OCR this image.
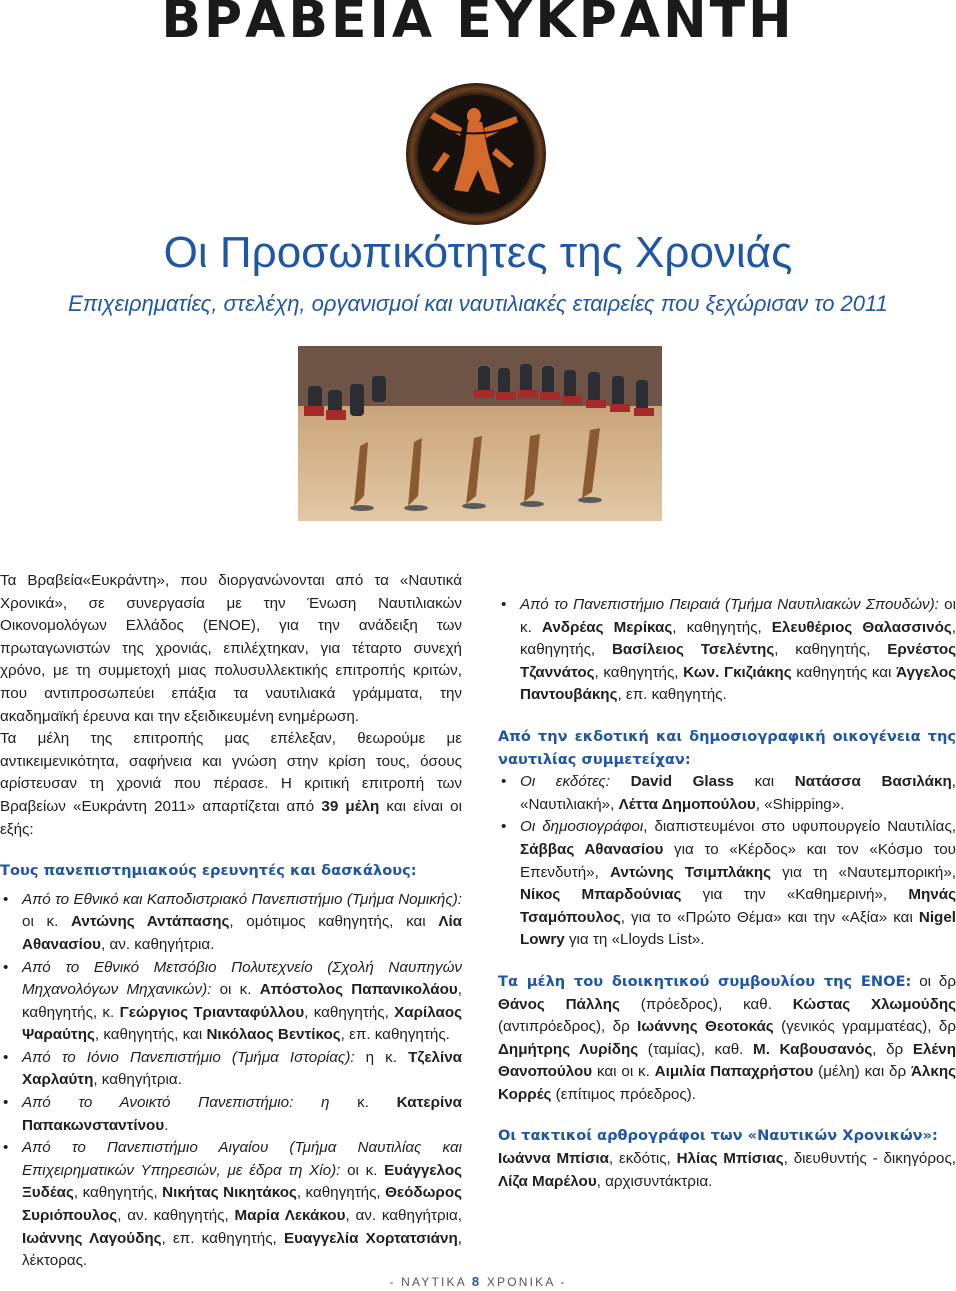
ΒΡΑΒΕΙΑ ΕΥΚΡΑΝΤΗ
Οι Προσωπικότητες της Χρονιάς
Επιχειρηματίες, στελέχη, οργανισμοί και ναυτιλιακές εταιρείες που ξεχώρισαν το 2011

Τα Βραβεία«Ευκράντη», που διοργανώνονται από τα «Ναυτικά Χρονικά», σε συνεργασία με την Ένωση Ναυτιλιακών Οικονομολόγων Ελλάδος (ΕΝΟΕ), για την ανάδειξη των πρωταγωνιστών της χρονιάς, επιλέχτηκαν, για τέταρτο συνεχή χρόνο, με τη συμμετοχή μιας πολυσυλλεκτικής επιτροπής κριτών, που αντιπροσωπεύει επάξια τα ναυτιλιακά γράμματα, την ακαδημαϊκή έρευνα και την εξειδικευμένη ενημέρωση.

Τα μέλη της επιτροπής μας επέλεξαν, θεωρούμε με αντικειμενικότητα, σαφήνεια και γνώση στην κρίση τους, όσους αρίστευσαν τη χρονιά που πέρασε. Η κριτική επιτροπή των Βραβείων «Ευκράντη 2011» απαρτίζεται από 39 μέλη και είναι οι εξής:

Τους πανεπιστημιακούς ερευνητές και δασκάλους:

• Από το Εθνικό και Καποδιστριακό Πανεπιστήμιο (Τμήμα Νομικής): οι κ. Αντώνης Αντάπασης, ομότιμος καθηγητής, και Λία Αθανασίου, αν. καθηγήτρια.
• Από το Εθνικό Μετσόβιο Πολυτεχνείο (Σχολή Ναυπηγών Μηχανολόγων Μηχανικών): οι κ. Απόστολος Παπανικολάου, καθηγητής, κ. Γεώργιος Τριανταφύλλου, καθηγητής, Χαρίλαος Ψαραύτης, καθηγητής, και Νικόλαος Βεντίκος, επ. καθηγητής.
• Από το Ιόνιο Πανεπιστήμιο (Τμήμα Ιστορίας): η κ. Τζελίνα Χαρλαύτη, καθηγήτρια.
• Από το Ανοικτό Πανεπιστήμιο: η κ. Κατερίνα Παπακωνσταντίνου.
• Από το Πανεπιστήμιο Αιγαίου (Τμήμα Ναυτιλίας και Επιχειρηματικών Υπηρεσιών, με έδρα τη Χίο): οι κ. Ευάγγελος Ξυδέας, καθηγητής, Νικήτας Νικητάκος, καθηγητής, Θεόδωρος Συριόπουλος, αν. καθηγητής, Μαρία Λεκάκου, αν. καθηγήτρια, Ιωάννης Λαγούδης, επ. καθηγητής, Ευαγγελία Χορτατσιάνη, λέκτορας.
• Από το Πανεπιστήμιο Πειραιά (Τμήμα Ναυτιλιακών Σπουδών): οι κ. Ανδρέας Μερίκας, καθηγητής, Ελευθέριος Θαλασσινός, καθηγητής, Βασίλειος Τσελέντης, καθηγητής, Ερνέστος Τζαννάτος, καθηγητής, Κων. Γκιζιάκης καθηγητής και Άγγελος Παντουβάκης, επ. καθηγητής.

Από την εκδοτική και δημοσιογραφική οικογένεια της ναυτιλίας συμμετείχαν:

• Οι εκδότες: David Glass και Νατάσσα Βασιλάκη, «Ναυτιλιακή», Λέττα Δημοπούλου, «Shipping».
• Οι δημοσιογράφοι, διαπιστευμένοι στο υφυπουργείο Ναυτιλίας, Σάββας Αθανασίου για το «Κέρδος» και τον «Κόσμο του Επενδυτή», Αντώνης Τσιμπλάκης για τη «Ναυτεμπορική», Νίκος Μπαρδούνιας για την «Καθημερινή», Μηνάς Τσαμόπουλος, για το «Πρώτο Θέμα» και την «Αξία» και Nigel Lowry για τη «Lloyds List».

Τα μέλη του διοικητικού συμβουλίου της ΕΝΟΕ: οι δρ Θάνος Πάλλης (πρόεδρος), καθ. Κώστας Χλωμούδης (αντιπρόεδρος), δρ Ιωάννης Θεοτοκάς (γενικός γραμματέας), δρ Δημήτρης Λυρίδης (ταμίας), καθ. Μ. Καβουσανός, δρ Ελένη Θανοπούλου και οι κ. Αιμιλία Παπαχρήστου (μέλη) και δρ Άλκης Κορρές (επίτιμος πρόεδρος).

Οι τακτικοί αρθρογράφοι των «Ναυτικών Χρονικών»:

Ιωάννα Μπίσια, εκδότις, Ηλίας Μπίσιας, διευθυντής - δικηγόρος, Λίζα Μαρέλου, αρχισυντάκτρια.

- ΝΑΥΤΙΚΑ 8 ΧΡΟΝΙΚΑ -
